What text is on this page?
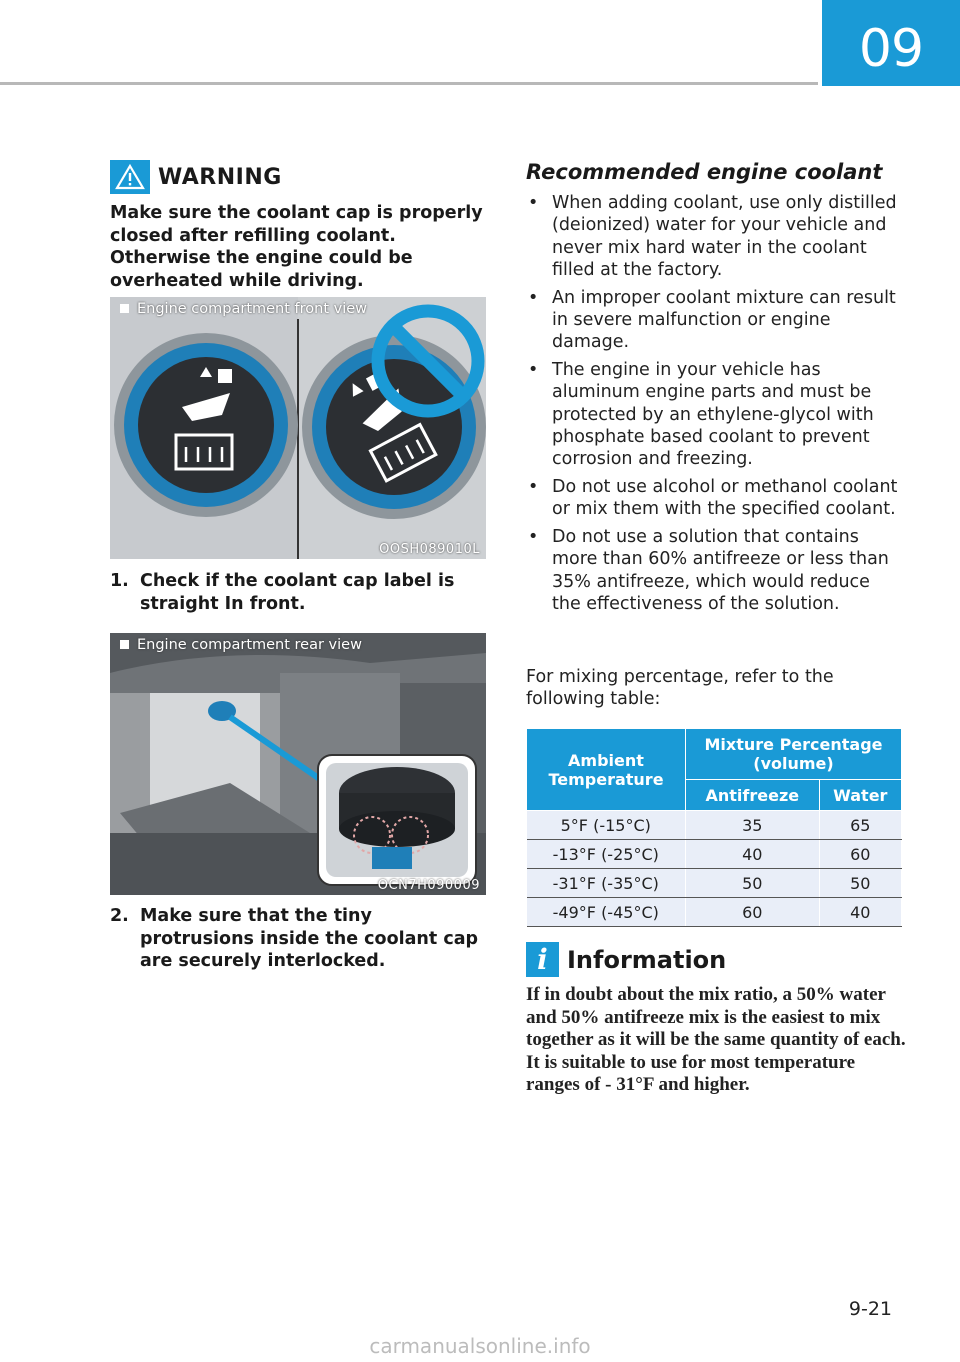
09
WARNING
Make sure the coolant cap is properly closed after refilling coolant. Otherwise the engine could be overheated while driving.
Engine compartment front view
OOSH089010L
1. Check if the coolant cap label is straight In front.
Engine compartment rear view
OCN7H090009
2. Make sure that the tiny protrusions inside the coolant cap are securely interlocked.
Recommended engine coolant
• When adding coolant, use only distilled (deionized) water for your vehicle and never mix hard water in the coolant filled at the factory.
• An improper coolant mixture can result in severe malfunction or engine damage.
• The engine in your vehicle has aluminum engine parts and must be protected by an ethylene-glycol with phosphate based coolant to prevent corrosion and freezing.
• Do not use alcohol or methanol coolant or mix them with the specified coolant.
• Do not use a solution that contains more than 60% antifreeze or less than 35% antifreeze, which would reduce the effectiveness of the solution.
For mixing percentage, refer to the following table:
Ambient Temperature	Mixture Percentage (volume)	
	Antifreeze	Water
5°F (-15°C)	35	65
-13°F (-25°C)	40	60
-31°F (-35°C)	50	50
-49°F (-45°C)	60	40
i Information
If in doubt about the mix ratio, a 50% water and 50% antifreeze mix is the easiest to mix together as it will be the same quantity of each. It is suitable to use for most temperature ranges of - 31°F and higher.
9-21
carmanualsonline.info
